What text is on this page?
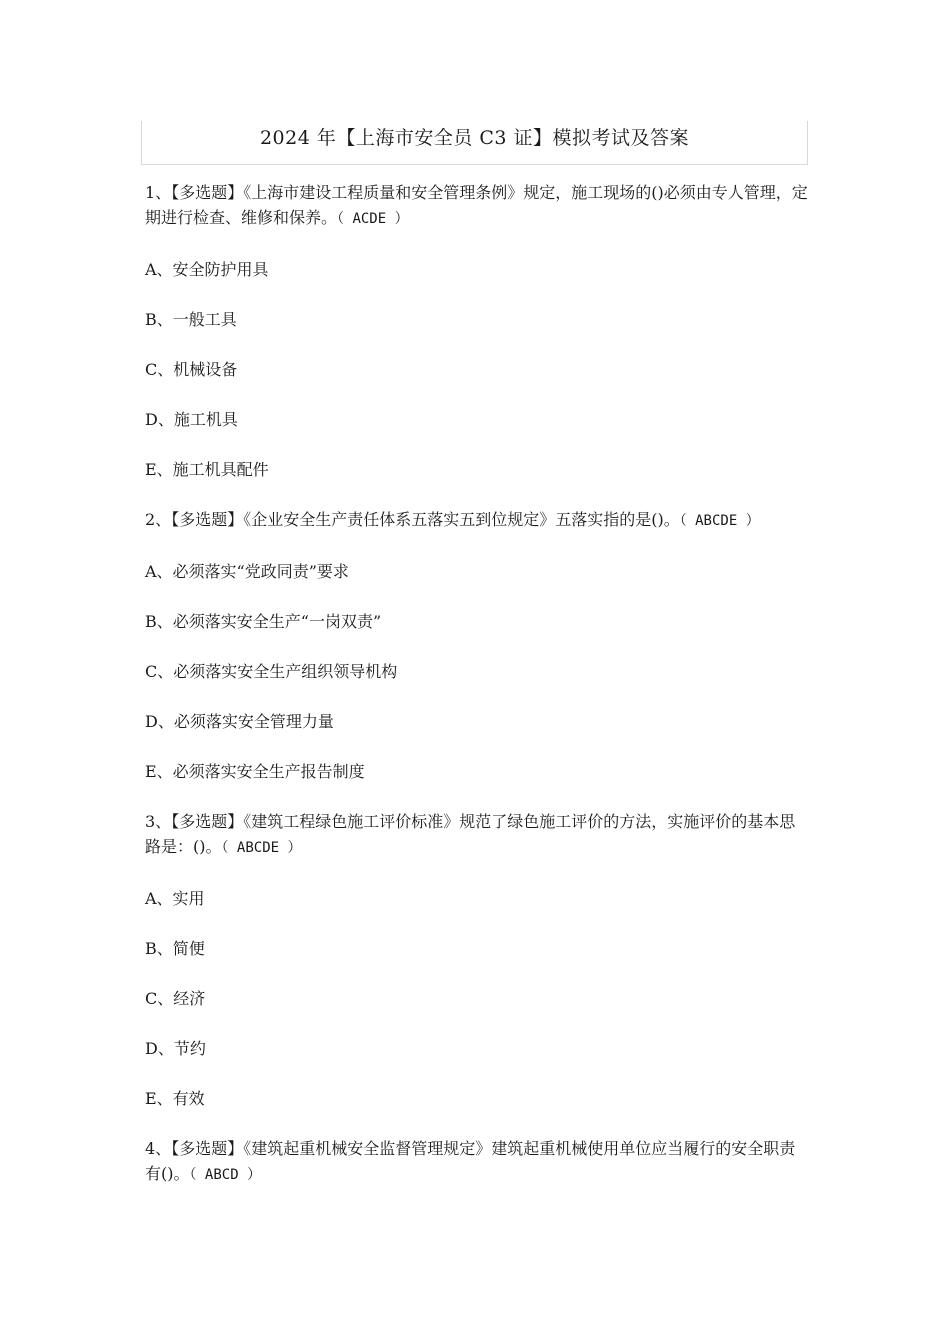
2024 年【上海市安全员 C3 证】模拟考试及答案
1、【多选题】《上海市建设工程质量和安全管理条例》规定，施工现场的()必须由专人管理，定期进行检查、维修和保养。（ ACDE ）
A、安全防护用具
B、一般工具
C、机械设备
D、施工机具
E、施工机具配件
2、【多选题】《企业安全生产责任体系五落实五到位规定》五落实指的是()。（ ABCDE ）
A、必须落实“党政同责”要求
B、必须落实安全生产“一岗双责”
C、必须落实安全生产组织领导机构
D、必须落实安全管理力量
E、必须落实安全生产报告制度
3、【多选题】《建筑工程绿色施工评价标准》规范了绿色施工评价的方法，实施评价的基本思路是：()。（ ABCDE ）
A、实用
B、简便
C、经济
D、节约
E、有效
4、【多选题】《建筑起重机械安全监督管理规定》建筑起重机械使用单位应当履行的安全职责有()。（ ABCD ）
